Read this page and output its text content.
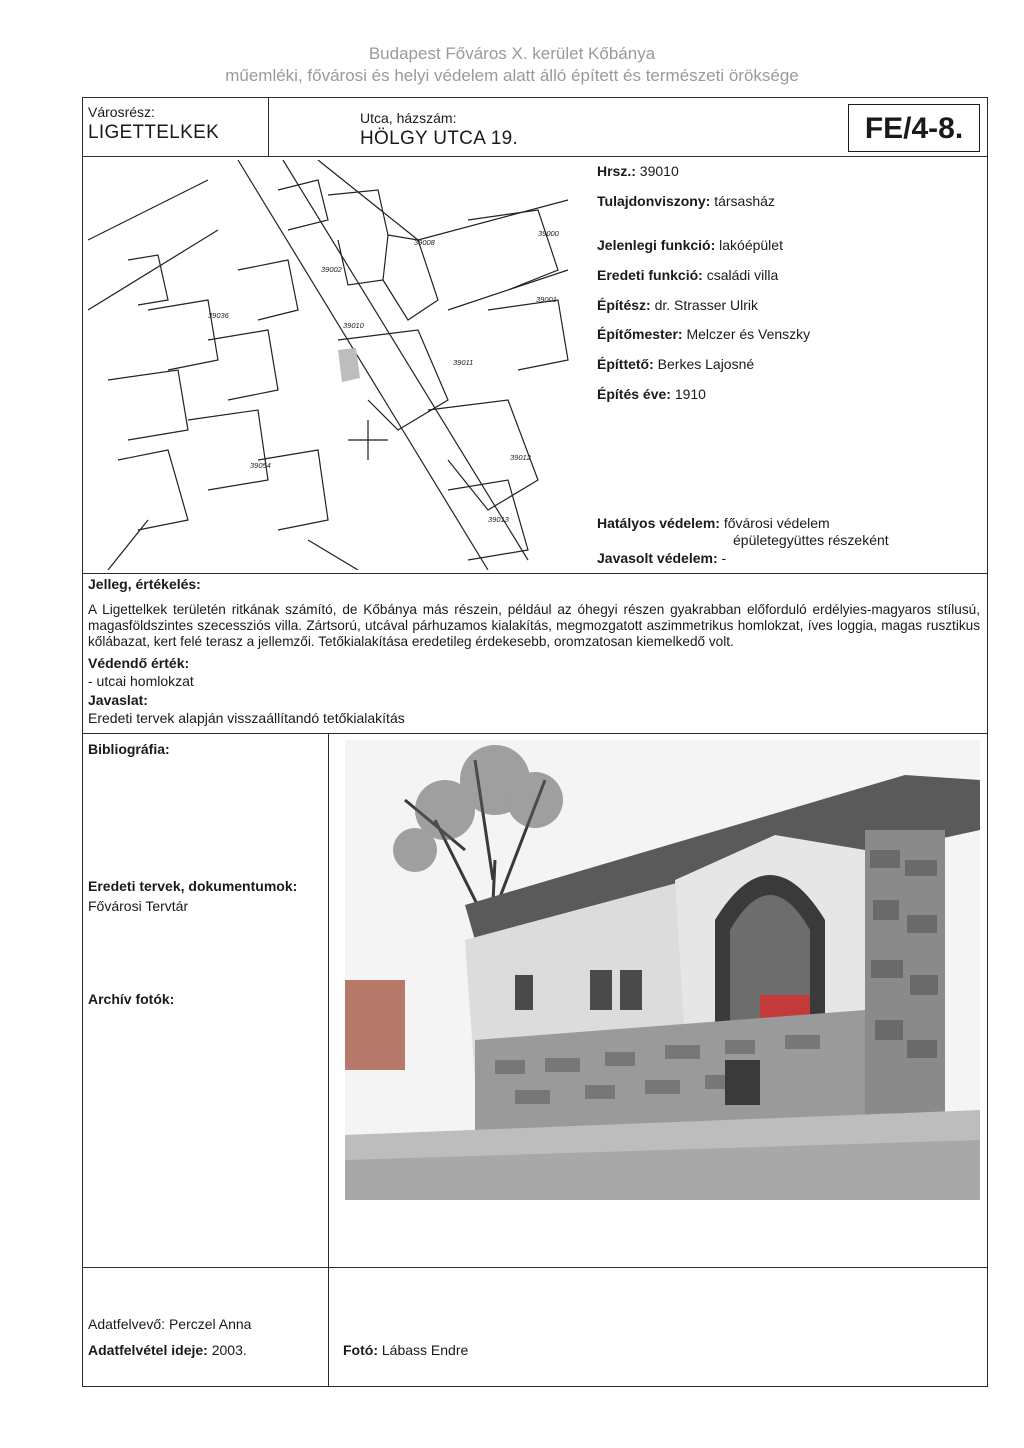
Budapest Főváros X. kerület Kőbánya
műemléki, fővárosi és helyi védelem alatt álló épített és természeti öröksége
Városrész:
LIGETTELKEK
Utca, házszám:
HÖLGY UTCA 19.	FE/4-8.
39010
39011
39000
39001
39002
39008
39012
39013
39054
39036
Hrsz.: 39010
Tulajdonviszony: társasház
Jelenlegi funkció: lakóépület
Eredeti funkció: családi villa
Építész: dr. Strasser Ulrik
Építőmester: Melczer és Venszky
Építtető: Berkes Lajosné
Építés éve: 1910
Hatályos védelem: fővárosi védelem
épületegyüttes részeként
Javasolt védelem: -
Jelleg, értékelés:
A Ligettelkek területén ritkának számító, de Kőbánya más részein, például az óhegyi részen gyakrabban előforduló erdélyies-magyaros stílusú, magasföldszintes szecessziós villa. Zártsorú, utcával párhuzamos kialakítás, megmozgatott aszimmetrikus homlokzat, íves loggia, magas rusztikus kőlábazat, kert felé terasz a jellemzői. Tetőkialakítása eredetileg érdekesebb, oromzatosan kiemelkedő volt.
Védendő érték:
- utcai homlokzat
Javaslat:
Eredeti tervek alapján visszaállítandó tetőkialakítás
Bibliográfia:
Eredeti tervek, dokumentumok:
Fővárosi Tervtár
Archív fotók:
Adatfelvevő: Perczel Anna
Adatfelvétel ideje: 2003.	Fotó: Lábass Endre
